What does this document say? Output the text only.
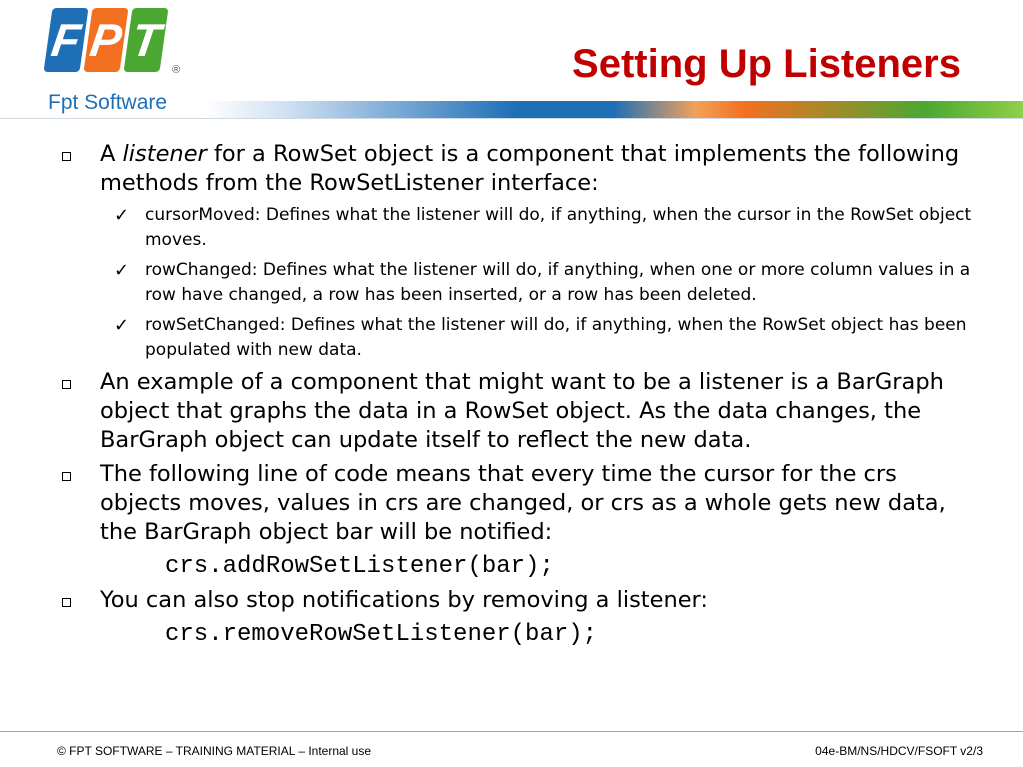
F P T
®
Fpt Software
Setting Up Listeners
A listener for a RowSet object is a component that implements the following methods from the RowSetListener interface:
✓ cursorMoved: Defines what the listener will do, if anything, when the cursor in the RowSet object moves.
✓ rowChanged: Defines what the listener will do, if anything, when one or more column values in a row have changed, a row has been inserted, or a row has been deleted.
✓ rowSetChanged: Defines what the listener will do, if anything, when the RowSet object has been populated with new data.
An example of a component that might want to be a listener is a BarGraph object that graphs the data in a RowSet object. As the data changes, the BarGraph object can update itself to reflect the new data.
The following line of code means that every time the cursor for the crs objects moves, values in crs are changed, or crs as a whole gets new data, the BarGraph object bar will be notified:
crs.addRowSetListener(bar);
You can also stop notifications by removing a listener:
crs.removeRowSetListener(bar);
© FPT SOFTWARE – TRAINING MATERIAL – Internal use	04e-BM/NS/HDCV/FSOFT v2/3
